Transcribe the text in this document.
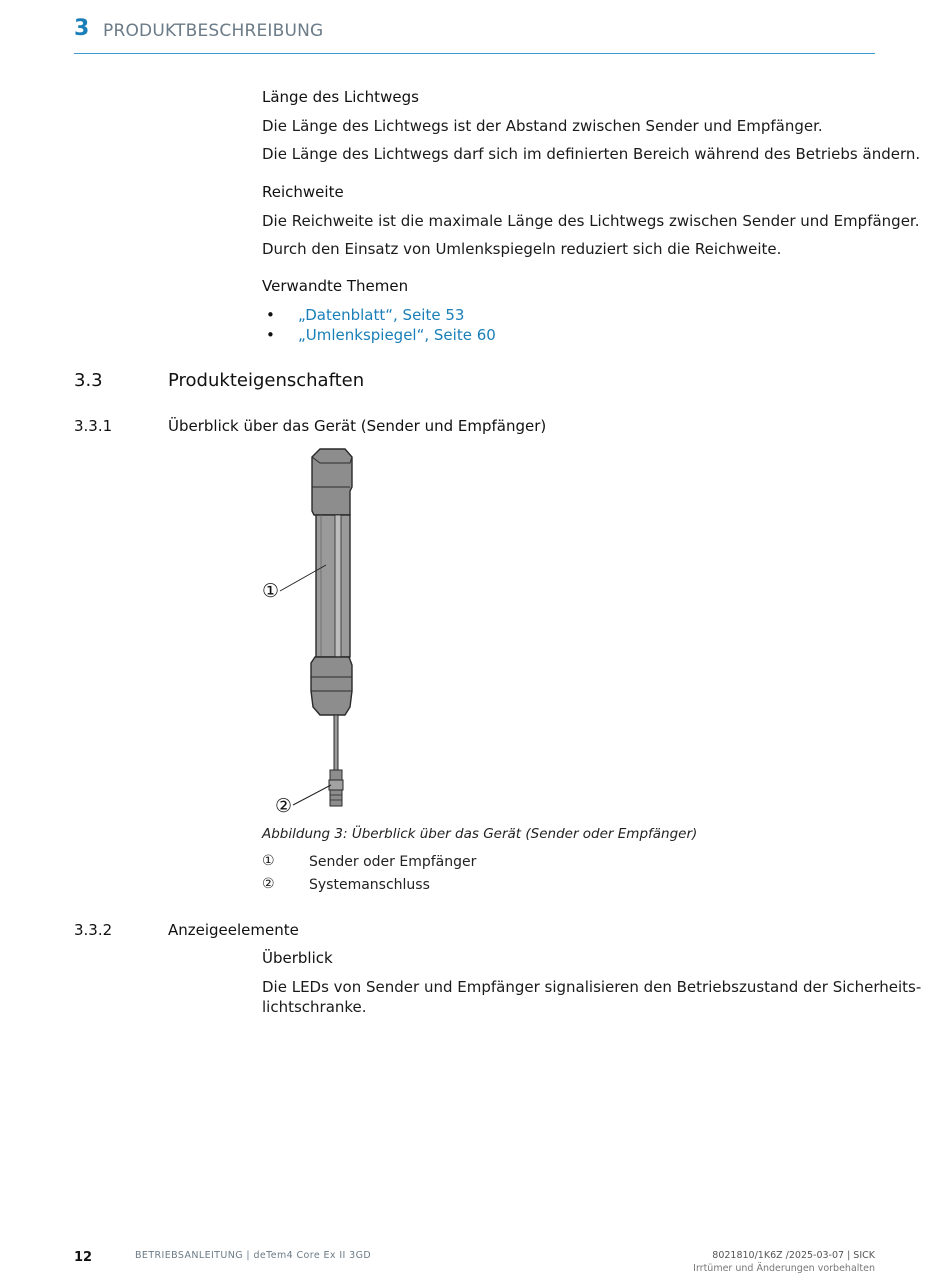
3 PRODUKTBESCHREIBUNG
Länge des Lichtwegs
Die Länge des Lichtwegs ist der Abstand zwischen Sender und Empfänger.
Die Länge des Lichtwegs darf sich im definierten Bereich während des Betriebs ändern.
Reichweite
Die Reichweite ist die maximale Länge des Lichtwegs zwischen Sender und Empfänger.
Durch den Einsatz von Umlenkspiegeln reduziert sich die Reichweite.
Verwandte Themen
• „Datenblatt“, Seite 53
• „Umlenkspiegel“, Seite 60
3.3	Produkteigenschaften
3.3.1	Überblick über das Gerät (Sender und Empfänger)
①
②
Abbildung 3: Überblick über das Gerät (Sender oder Empfänger)
① Sender oder Empfänger
② Systemanschluss
3.3.2	Anzeigeelemente
Überblick
Die LEDs von Sender und Empfänger signalisieren den Betriebszustand der Sicherheits-
lichtschranke.
12	BETRIEBSANLEITUNG | deTem4 Core Ex II 3GD	8021810/1K6Z /2025-03-07 | SICK
Irrtümer und Änderungen vorbehalten
